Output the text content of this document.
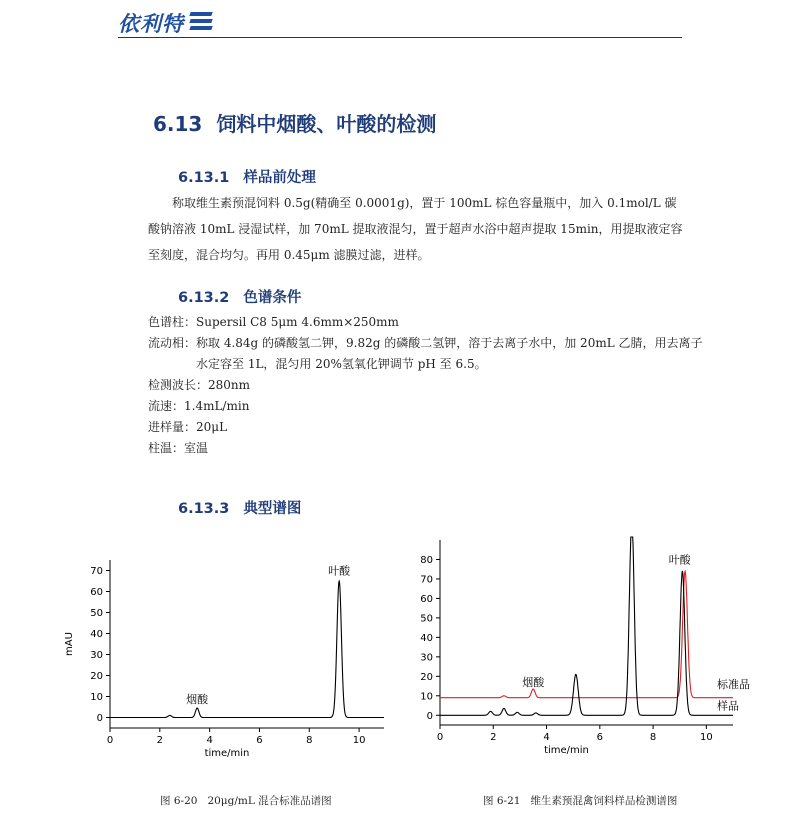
依利特
6.13 饲料中烟酸、叶酸的检测
6.13.1 样品前处理
称取维生素预混饲料 0.5g(精确至 0.0001g)，置于 100mL 棕色容量瓶中，加入 0.1mol/L 碳酸钠溶液 10mL 浸湿试样，加 70mL 提取液混匀，置于超声水浴中超声提取 15min，用提取液定容至刻度，混合均匀。再用 0.45μm 滤膜过滤，进样。
6.13.2 色谱条件
色谱柱：Supersil C8 5μm 4.6mm×250mm
流动相：称取 4.84g 的磷酸氢二钾，9.82g 的磷酸二氢钾，溶于去离子水中，加 20mL 乙腈，用去离子
水定容至 1L，混匀用 20%氢氧化钾调节 pH 至 6.5。
检测波长：280nm
流速：1.4mL/min
进样量：20μL
柱温：室温
6.13.3 典型谱图
0
10
20
30
40
50
60
70
0	2	4	6	8	10
time/min
mAU
烟酸
叶酸
0
10
20
30
40
50
60
70
80
0	2	4	6	8	10
time/min
烟酸
叶酸
标准品
样品
图 6-20 20μg/mL 混合标准品谱图	图 6-21 维生素预混禽饲料样品检测谱图
